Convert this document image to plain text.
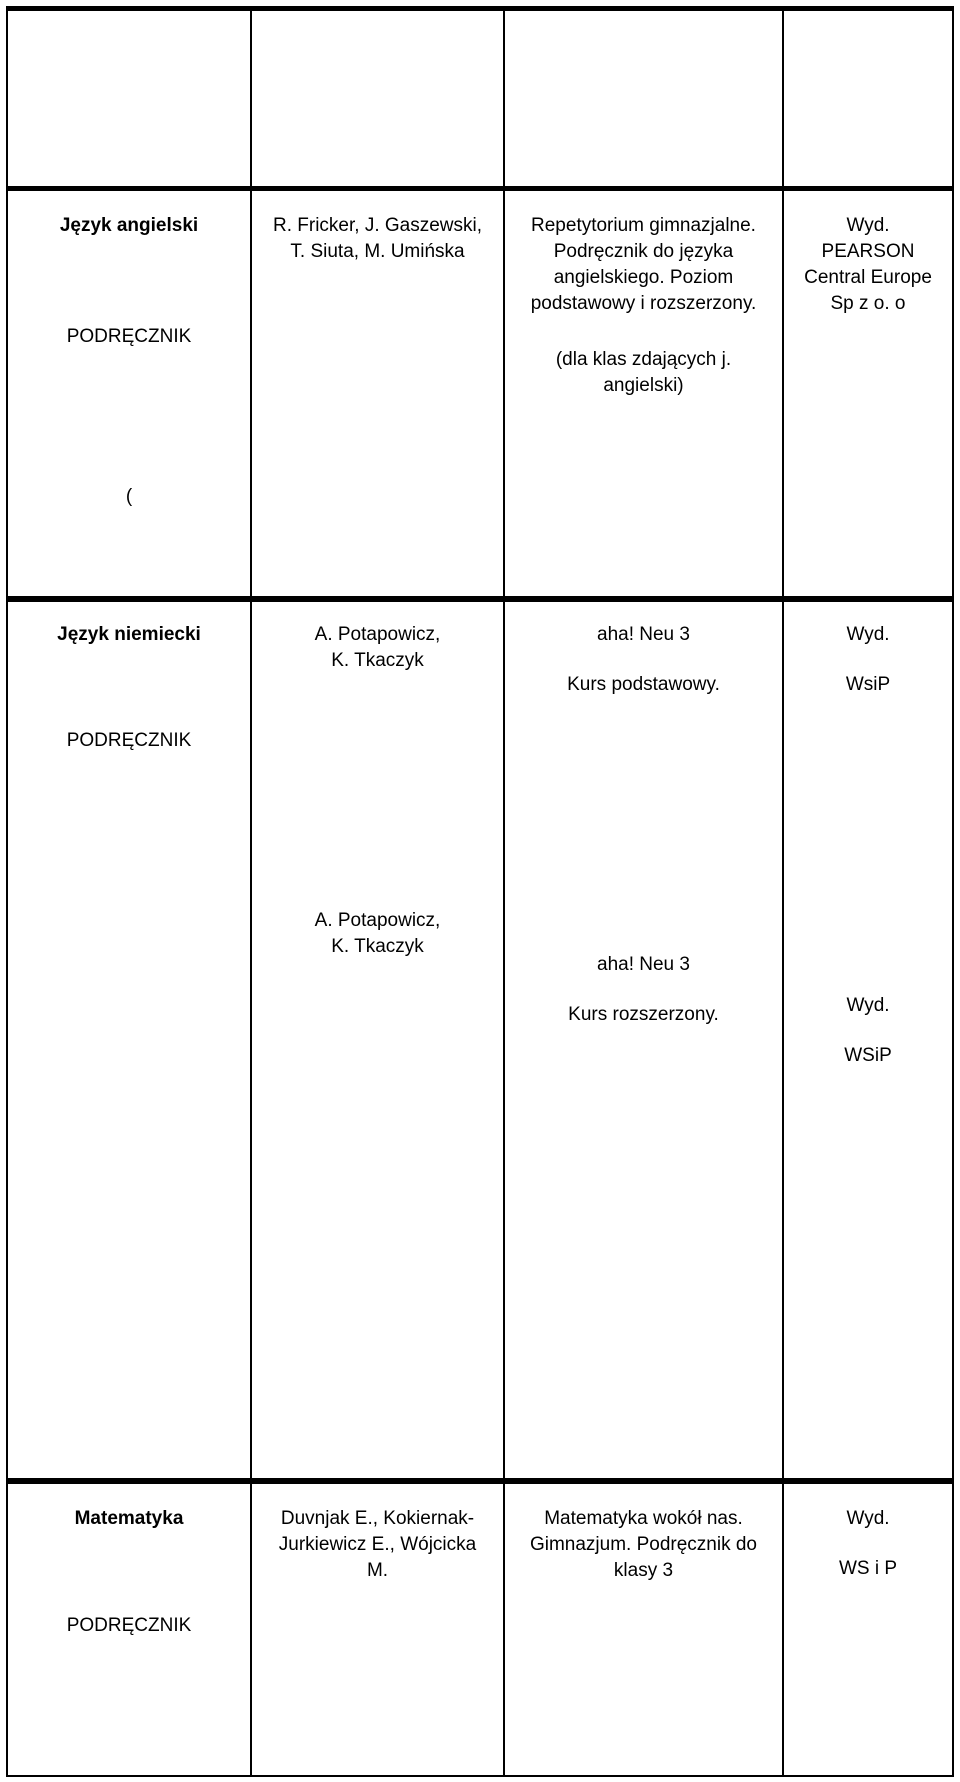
Język angielski
PODRĘCZNIK
(

R. Fricker, J. Gaszewski,

T. Siuta, M. Umińska

Repetytorium gimnazjalne.

Podręcznik do języka

angielskiego. Poziom

podstawowy i rozszerzony.

(dla klas zdających j.

angielski)

Wyd.

PEARSON

Central Europe

Sp z o. o

Język niemiecki
PODRĘCZNIK

A. Potapowicz,

K. Tkaczyk

aha! Neu 3

Kurs podstawowy.

Wyd.

WsiP

A. Potapowicz,

K. Tkaczyk

aha! Neu 3

Kurs rozszerzony.	Wyd.

WSiP

Matematyka
PODRĘCZNIK

Duvnjak E., Kokiernak-

Jurkiewicz E., Wójcicka

M.

Matematyka wokół nas.

Gimnazjum. Podręcznik do

klasy 3

Wyd.

WS i P
